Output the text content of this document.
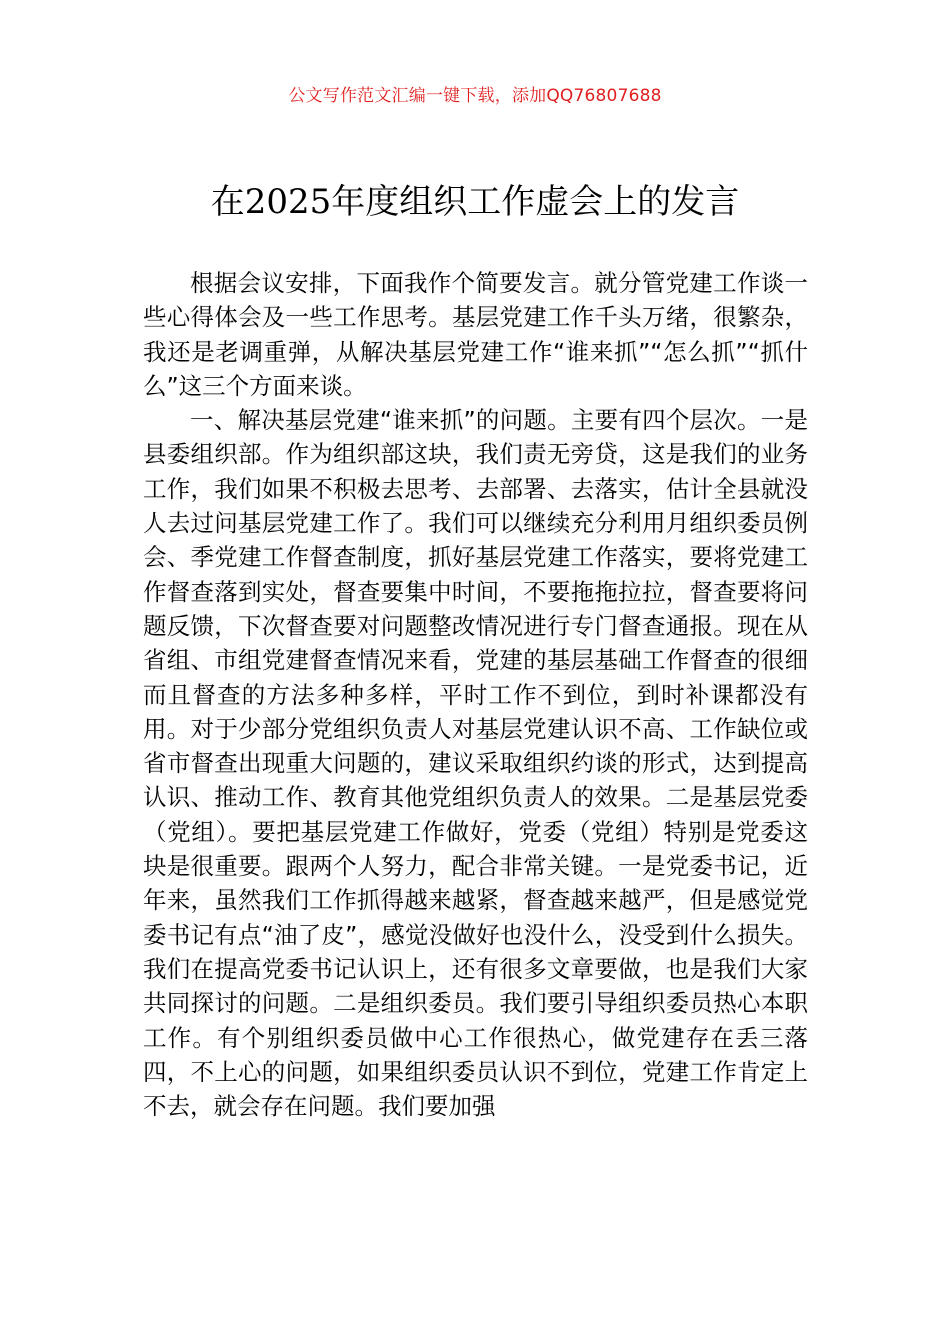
公文写作范文汇编一键下载，添加QQ76807688
在2025年度组织工作虚会上的发言

根据会议安排，下面我作个简要发言。就分管党建工作谈一些心得体会及一些工作思考。基层党建工作千头万绪，很繁杂，我还是老调重弹，从解决基层党建工作“谁来抓”“怎么抓”“抓什么”这三个方面来谈。

一、解决基层党建“谁来抓”的问题。主要有四个层次。一是县委组织部。作为组织部这块，我们责无旁贷，这是我们的业务工作，我们如果不积极去思考、去部署、去落实，估计全县就没人去过问基层党建工作了。我们可以继续充分利用月组织委员例会、季党建工作督查制度，抓好基层党建工作落实，要将党建工作督查落到实处，督查要集中时间，不要拖拖拉拉，督查要将问题反馈，下次督查要对问题整改情况进行专门督查通报。现在从省组、市组党建督查情况来看，党建的基层基础工作督查的很细而且督查的方法多种多样，平时工作不到位，到时补课都没有用。对于少部分党组织负责人对基层党建认识不高、工作缺位或省市督查出现重大问题的，建议采取组织约谈的形式，达到提高认识、推动工作、教育其他党组织负责人的效果。二是基层党委（党组）。要把基层党建工作做好，党委（党组）特别是党委这块是很重要。跟两个人努力，配合非常关键。一是党委书记，近年来，虽然我们工作抓得越来越紧，督查越来越严，但是感觉党委书记有点“油了皮”，感觉没做好也没什么，没受到什么损失。我们在提高党委书记认识上，还有很多文章要做，也是我们大家共同探讨的问题。二是组织委员。我们要引导组织委员热心本职工作。有个别组织委员做中心工作很热心，做党建存在丢三落四，不上心的问题，如果组织委员认识不到位，党建工作肯定上不去，就会存在问题。我们要加强
